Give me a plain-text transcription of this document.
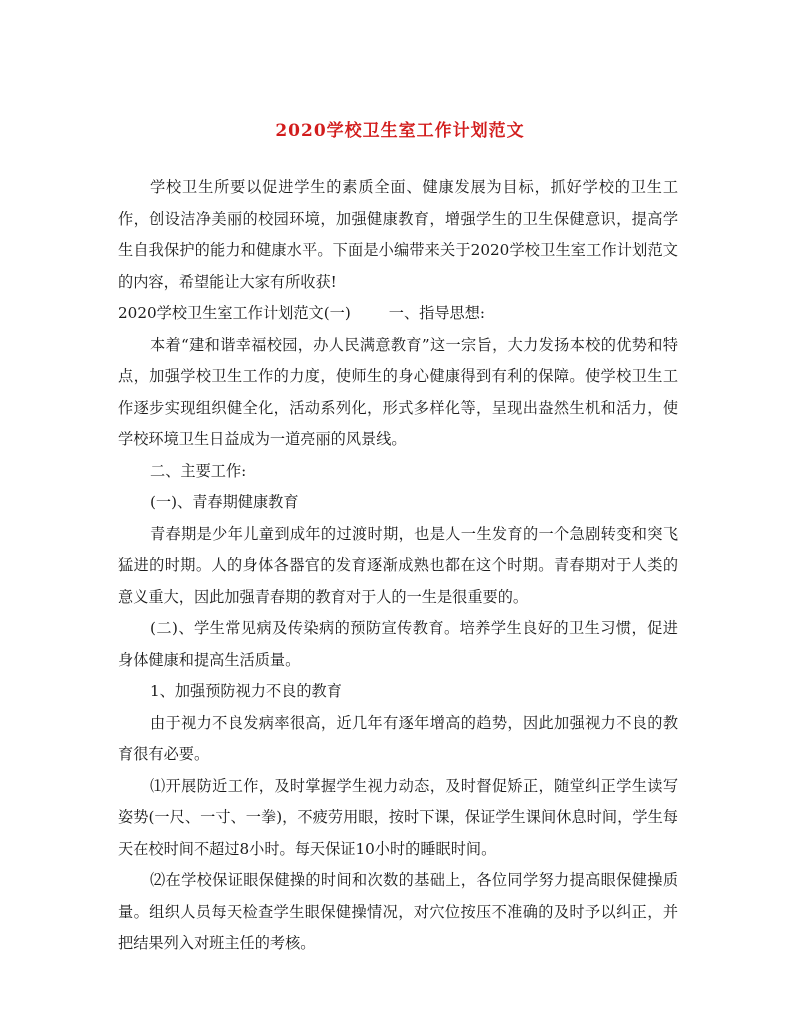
2020学校卫生室工作计划范文

学校卫生所要以促进学生的素质全面、健康发展为目标，抓好学校的卫生工作，创设洁净美丽的校园环境，加强健康教育，增强学生的卫生保健意识，提高学生自我保护的能力和健康水平。下面是小编带来关于2020学校卫生室工作计划范文的内容，希望能让大家有所收获!

2020学校卫生室工作计划范文(一)	一、指导思想:

本着“建和谐幸福校园，办人民满意教育”这一宗旨，大力发扬本校的优势和特点，加强学校卫生工作的力度，使师生的身心健康得到有利的保障。使学校卫生工作逐步实现组织健全化，活动系列化，形式多样化等，呈现出盎然生机和活力，使学校环境卫生日益成为一道亮丽的风景线。

二、主要工作:

(一)、青春期健康教育

青春期是少年儿童到成年的过渡时期，也是人一生发育的一个急剧转变和突飞猛进的时期。人的身体各器官的发育逐渐成熟也都在这个时期。青春期对于人类的意义重大，因此加强青春期的教育对于人的一生是很重要的。

(二)、学生常见病及传染病的预防宣传教育。培养学生良好的卫生习惯，促进身体健康和提高生活质量。

1、加强预防视力不良的教育

由于视力不良发病率很高，近几年有逐年增高的趋势，因此加强视力不良的教育很有必要。

⑴开展防近工作，及时掌握学生视力动态，及时督促矫正，随堂纠正学生读写姿势(一尺、一寸、一拳)，不疲劳用眼，按时下课，保证学生课间休息时间，学生每天在校时间不超过8小时。每天保证10小时的睡眠时间。

⑵在学校保证眼保健操的时间和次数的基础上，各位同学努力提高眼保健操质量。组织人员每天检查学生眼保健操情况，对穴位按压不准确的及时予以纠正，并把结果列入对班主任的考核。
